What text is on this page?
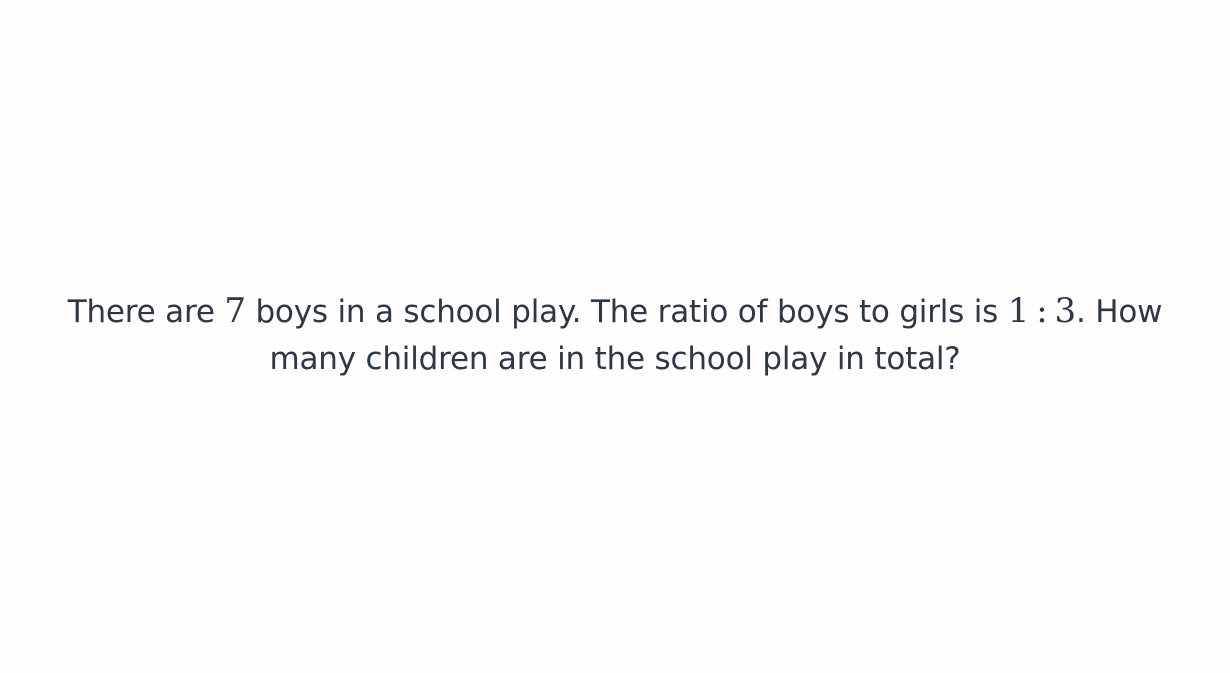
There are 7 boys in a school play. The ratio of boys to girls is 1 : 3. How
many children are in the school play in total?
